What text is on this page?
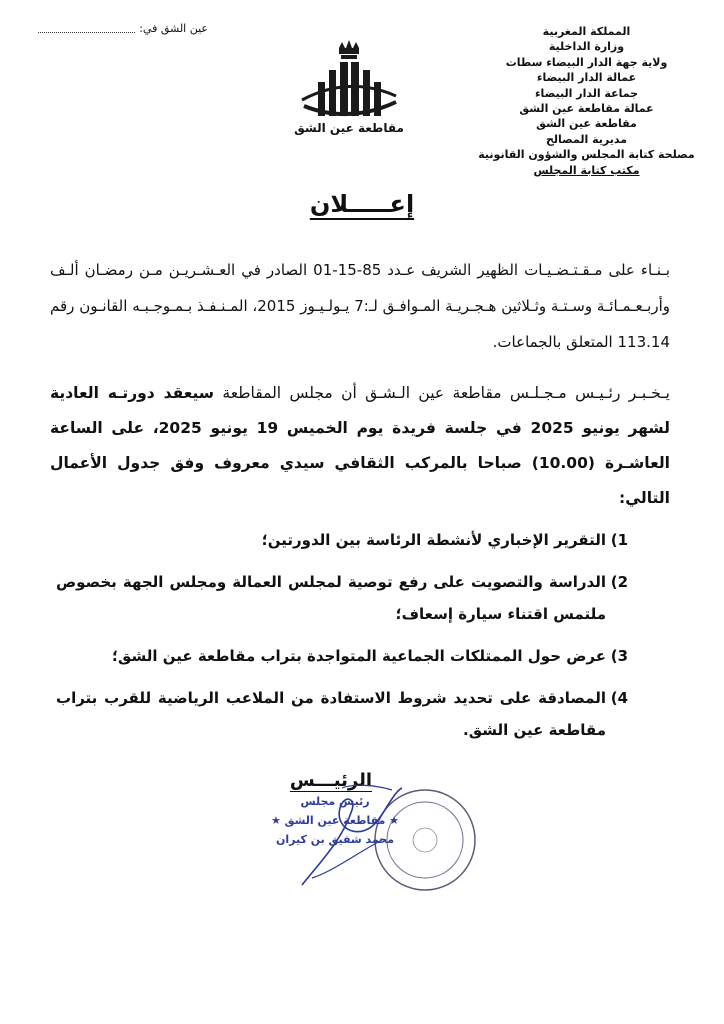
عين الشق في:	المملكة المغربية
وزارة الداخلية
ولاية جهة الدار البيضاء سطات
عمالة الدار البيضاء
جماعة الدار البيضاء
عمالة مقاطعة عين الشق
مقاطعة عين الشق
مديرية المصالح
مصلحة كتابة المجلس والشؤون القانونية
مكتب كتابة المجلس
مقاطعة عين الشق
إعـــــلان

بـنـاء على مـقـتـضـيـات الظهير الشريف عـدد 85-15-01 الصادر في العـشـريـن مـن رمضـان ألـف وأربـعـمـائـة وسـتـة وثـلاثين هـجـريـة المـوافـق لـ:7 يـولـيـوز 2015، المـنـفـذ بـمـوجـبـه القانـون رقم 113.14 المتعلق بالجماعات.

يـخـبـر رئـيـس مـجـلـس مقاطعة عين الـشـق أن مجلس المقاطعة سيعقد دورتـه العادية لشهر يونيو 2025 في جلسة فريدة يوم الخميس 19 يونيو 2025، على الساعة العاشـرة (10.00) صباحا بالمركب الثقافي سيدي معروف وفق جدول الأعمال التالي:

1)
التقرير الإخباري لأنشطة الرئاسة بين الدورتين؛
2)
الدراسة والتصويت على رفع توصية لمجلس العمالة ومجلس الجهة بخصوص ملتمس اقتناء سيارة إسعاف؛
3)
عرض حول الممتلكات الجماعية المتواجدة بتراب مقاطعة عين الشق؛
4)
المصادقة على تحديد شروط الاستفادة من الملاعب الرياضية للقرب بتراب مقاطعة عين الشق.
الرئيـــس
رئيس مجلس
★ مقاطعة عين الشق ★
محمد شفيق بن كيران
